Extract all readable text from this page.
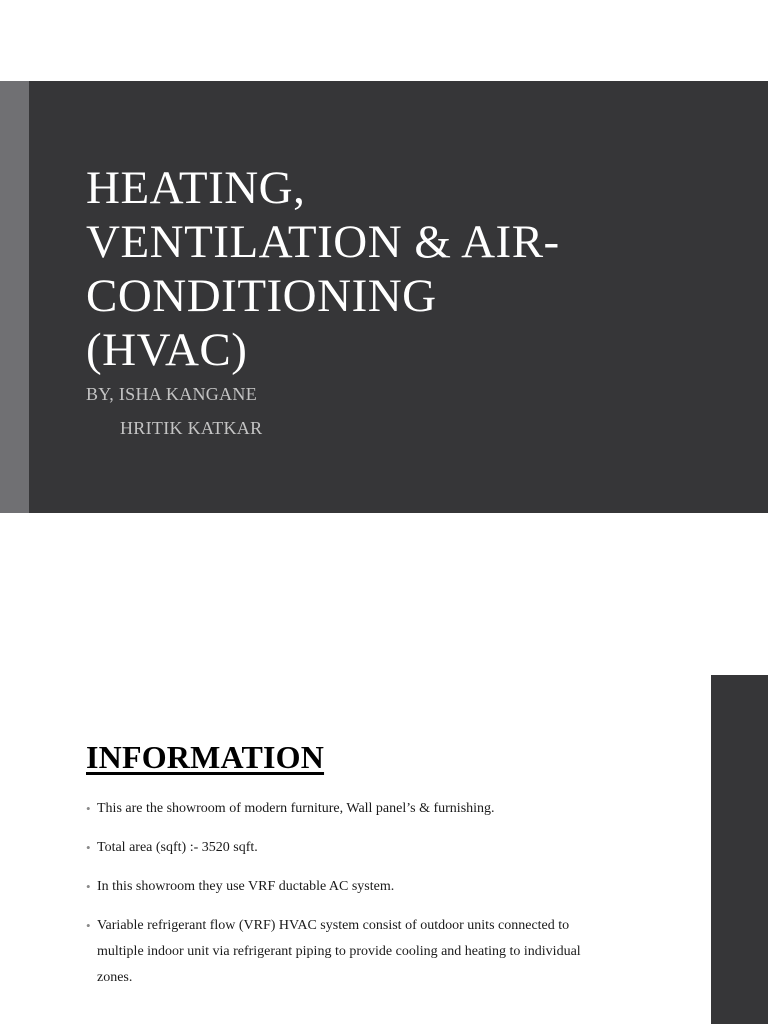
HEATING,
VENTILATION & AIR-
CONDITIONING
(HVAC)
BY, ISHA KANGANE
HRITIK KATKAR
INFORMATION
• This are the showroom of modern furniture, Wall panel’s & furnishing.
• Total area (sqft) :- 3520 sqft.
• In this showroom they use VRF ductable AC system.
• Variable refrigerant flow (VRF) HVAC system consist of outdoor units connected to multiple indoor unit via refrigerant piping to provide cooling and heating to individual zones.
